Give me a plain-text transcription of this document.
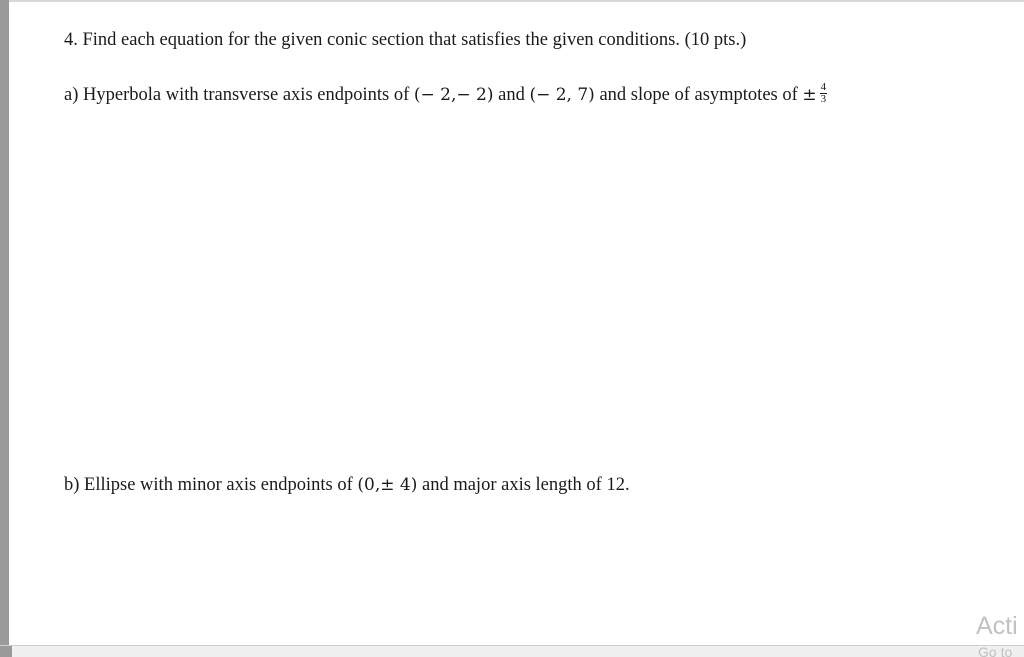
4. Find each equation for the given conic section that satisfies the given conditions. (10 pts.)
a) Hyperbola with transverse axis endpoints of (− 2,− 2) and (− 2, 7) and slope of asymptotes of ± $\frac{4}{3}$
b) Ellipse with minor axis endpoints of (0,± 4) and major axis length of 12.
Acti
Go to
